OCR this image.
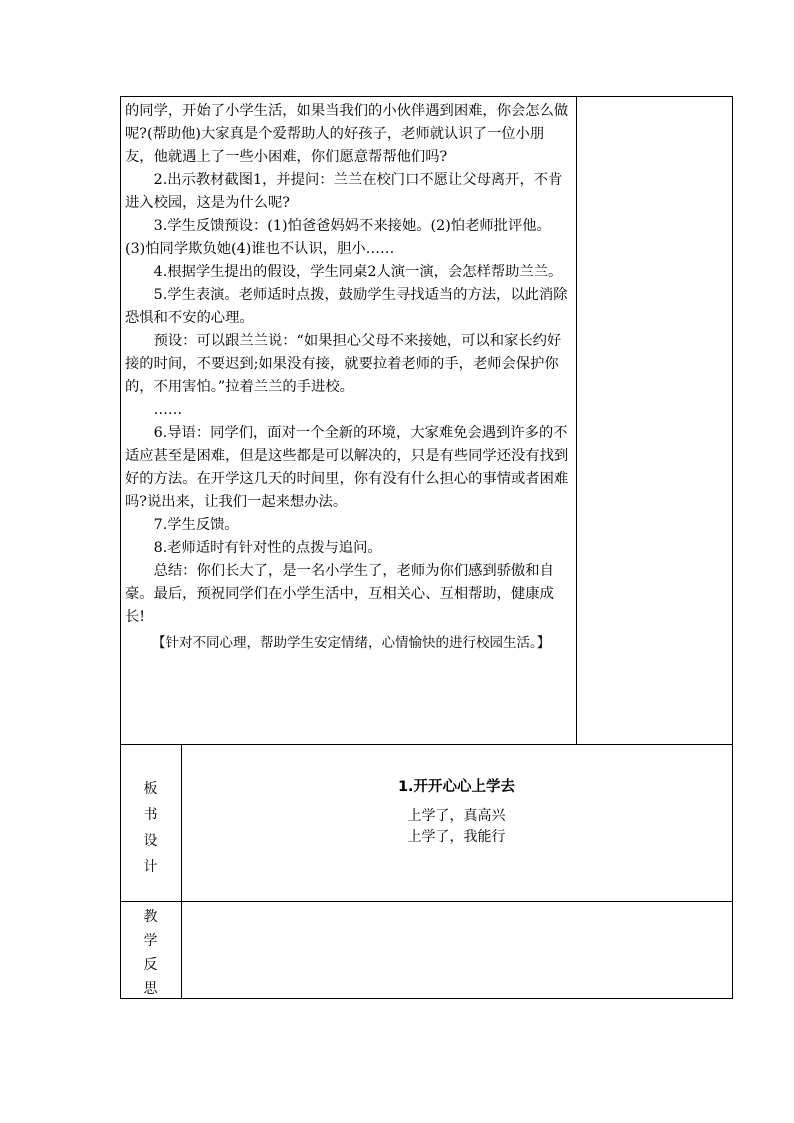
的同学，开始了小学生活，如果当我们的小伙伴遇到困难，你会怎么做呢?(帮助他)大家真是个爱帮助人的好孩子，老师就认识了一位小朋友，他就遇上了一些小困难，你们愿意帮帮他们吗?

2.出示教材截图1，并提问：兰兰在校门口不愿让父母离开，不肯进入校园，这是为什么呢?

3.学生反馈预设：(1)怕爸爸妈妈不来接她。(2)怕老师批评他。(3)怕同学欺负她(4)谁也不认识，胆小……

4.根据学生提出的假设，学生同桌2人演一演，会怎样帮助兰兰。

5.学生表演。老师适时点拨，鼓励学生寻找适当的方法，以此消除恐惧和不安的心理。

预设：可以跟兰兰说：“如果担心父母不来接她，可以和家长约好接的时间，不要迟到;如果没有接，就要拉着老师的手，老师会保护你的，不用害怕。”拉着兰兰的手进校。

……

6.导语：同学们，面对一个全新的环境，大家难免会遇到许多的不适应甚至是困难，但是这些都是可以解决的，只是有些同学还没有找到好的方法。在开学这几天的时间里，你有没有什么担心的事情或者困难吗?说出来，让我们一起来想办法。

7.学生反馈。

8.老师适时有针对性的点拨与追问。

总结：你们长大了，是一名小学生了，老师为你们感到骄傲和自豪。最后，预祝同学们在小学生活中，互相关心、互相帮助，健康成长!

【针对不同心理，帮助学生安定情绪，心情愉快的进行校园生活。】

板
书
设
计
1.开开心心上学去
上学了，真高兴
上学了，我能行
教
学
反
思
